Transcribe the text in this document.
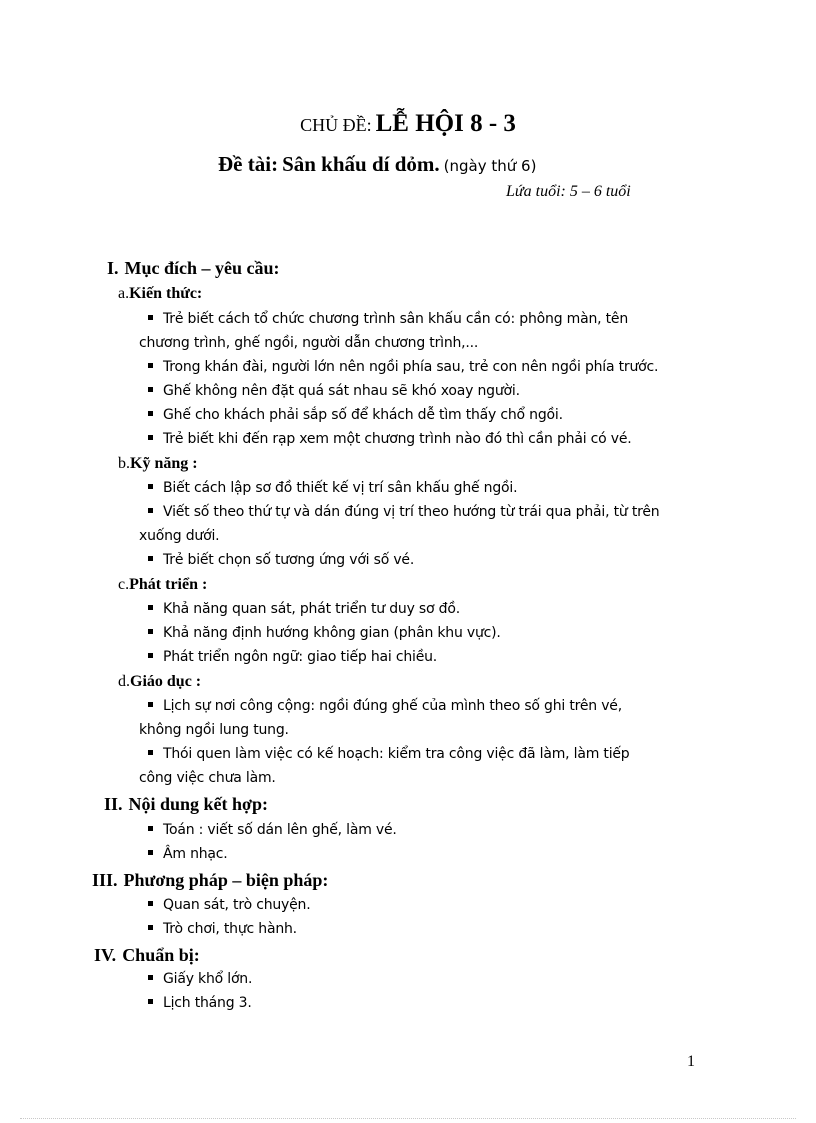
CHỦ ĐỀ: LỄ HỘI 8 - 3
Đề tài: Sân khấu dí dỏm. (ngày thứ 6)
Lứa tuổi: 5 – 6 tuổi
I. Mục đích – yêu cầu:
a.Kiến thức:
Trẻ biết cách tổ chức chương trình sân khấu cần có: phông màn, tên
chương trình, ghế ngồi, người dẫn chương trình,...
Trong khán đài, người lớn nên ngồi phía sau, trẻ con nên ngồi phía trước.
Ghế không nên đặt quá sát nhau sẽ khó xoay người.
Ghế cho khách phải sắp số để khách dễ tìm thấy chổ ngồi.
Trẻ biết khi đến rạp xem một chương trình nào đó thì cần phải có vé.
b.Kỹ năng :
Biết cách lập sơ đồ thiết kế vị trí sân khấu ghế ngồi.
Viết số theo thứ tự và dán đúng vị trí theo hướng từ trái qua phải, từ trên
xuống dưới.
Trẻ biết chọn số tương ứng với số vé.
c.Phát triển :
Khả năng quan sát, phát triển tư duy sơ đồ.
Khả năng định hướng không gian (phân khu vực).
Phát triển ngôn ngữ: giao tiếp hai chiều.
d.Giáo dục :
Lịch sự nơi công cộng: ngồi đúng ghế của mình theo số ghi trên vé,
không ngồi lung tung.
Thói quen làm việc có kế hoạch: kiểm tra công việc đã làm, làm tiếp
công việc chưa làm.
II. Nội dung kết hợp:
Toán : viết số dán lên ghế, làm vé.
Âm nhạc.
III. Phương pháp – biện pháp:
Quan sát, trò chuyện.
Trò chơi, thực hành.
IV. Chuẩn bị:
Giấy khổ lớn.
Lịch tháng 3.
1
